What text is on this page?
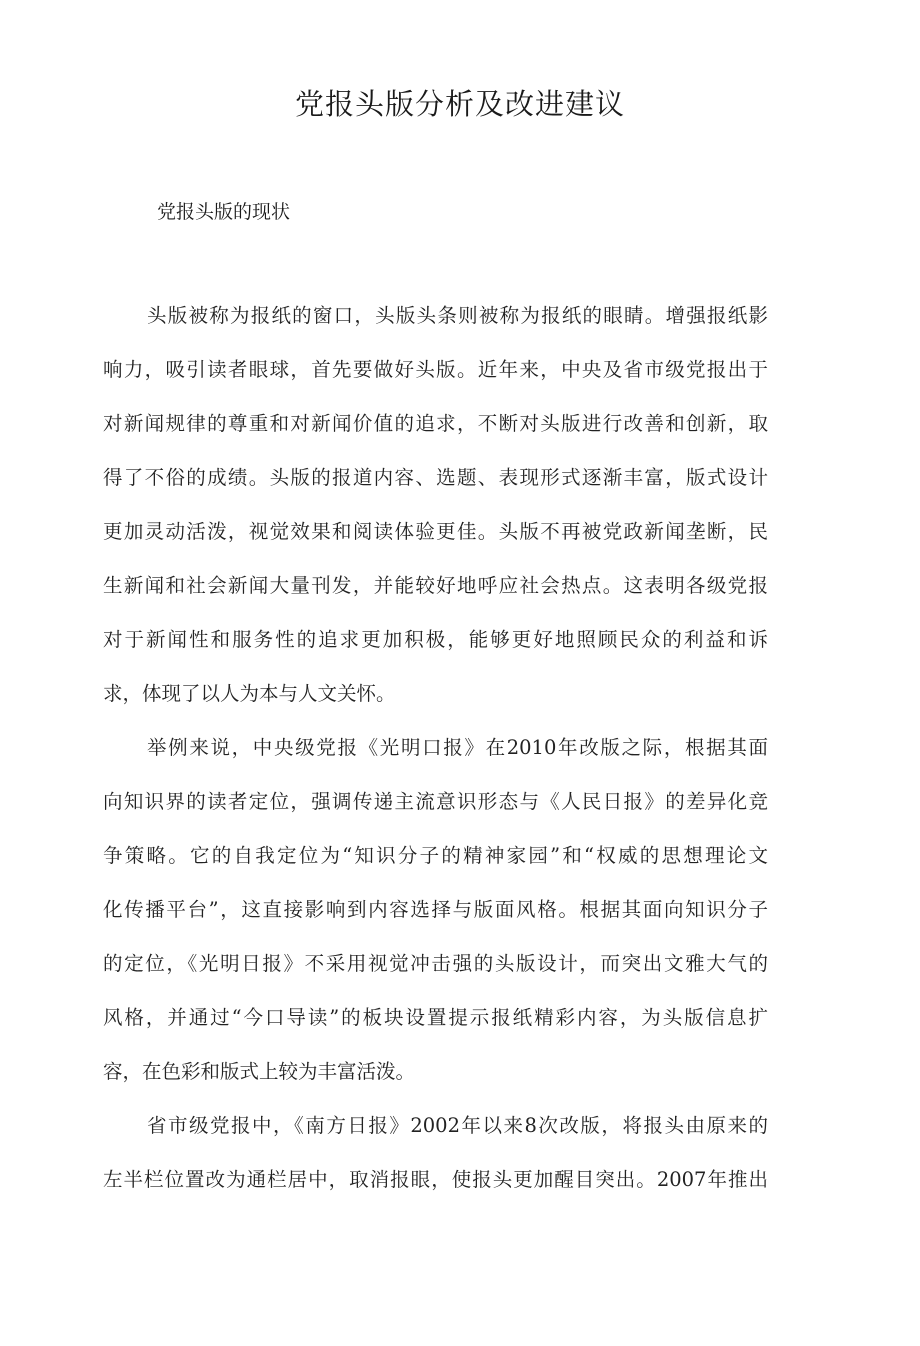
党报头版分析及改进建议
党报头版的现状
头版被称为报纸的窗口，头版头条则被称为报纸的眼睛。增强报纸影
响力，吸引读者眼球，首先要做好头版。近年来，中央及省市级党报出于
对新闻规律的尊重和对新闻价值的追求，不断对头版进行改善和创新，取
得了不俗的成绩。头版的报道内容、选题、表现形式逐渐丰富，版式设计
更加灵动活泼，视觉效果和阅读体验更佳。头版不再被党政新闻垄断，民
生新闻和社会新闻大量刊发，并能较好地呼应社会热点。这表明各级党报
对于新闻性和服务性的追求更加积极，能够更好地照顾民众的利益和诉
求，体现了以人为本与人文关怀。
举例来说，中央级党报《光明口报》在2010年改版之际，根据其面
向知识界的读者定位，强调传递主流意识形态与《人民日报》的差异化竞
争策略。它的自我定位为“知识分子的精神家园”和“权威的思想理论文
化传播平台”，这直接影响到内容选择与版面风格。根据其面向知识分子
的定位，《光明日报》不采用视觉冲击强的头版设计，而突出文雅大气的
风格，并通过“今口导读”的板块设置提示报纸精彩内容，为头版信息扩
容，在色彩和版式上较为丰富活泼。
省市级党报中，《南方日报》2002年以来8次改版，将报头由原来的
左半栏位置改为通栏居中，取消报眼，使报头更加醒目突出。2007年推出
